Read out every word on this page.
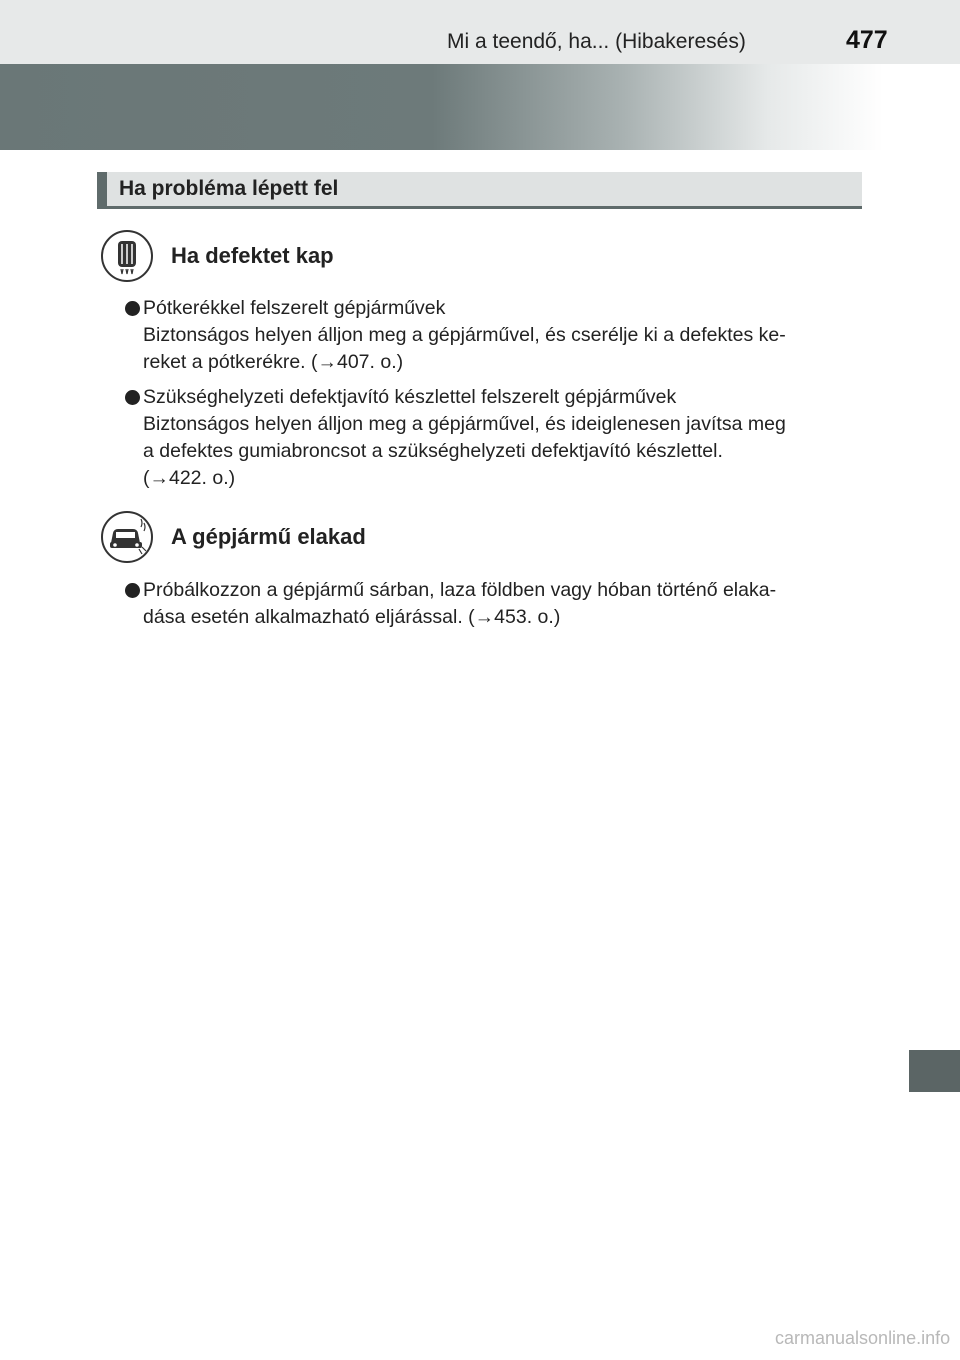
Mi a teendő, ha... (Hibakeresés)	477
Ha probléma lépett fel
Ha defektet kap
Pótkerékkel felszerelt gépjárművek
Biztonságos helyen álljon meg a gépjárművel, és cserélje ki a defektes ke-
reket a pótkerékre. (→407. o.)
Szükséghelyzeti defektjavító készlettel felszerelt gépjárművek
Biztonságos helyen álljon meg a gépjárművel, és ideiglenesen javítsa meg
a defektes gumiabroncsot a szükséghelyzeti defektjavító készlettel.
(→422. o.)
A gépjármű elakad
Próbálkozzon a gépjármű sárban, laza földben vagy hóban történő elaka-
dása esetén alkalmazható eljárással. (→453. o.)
carmanualsonline.info
